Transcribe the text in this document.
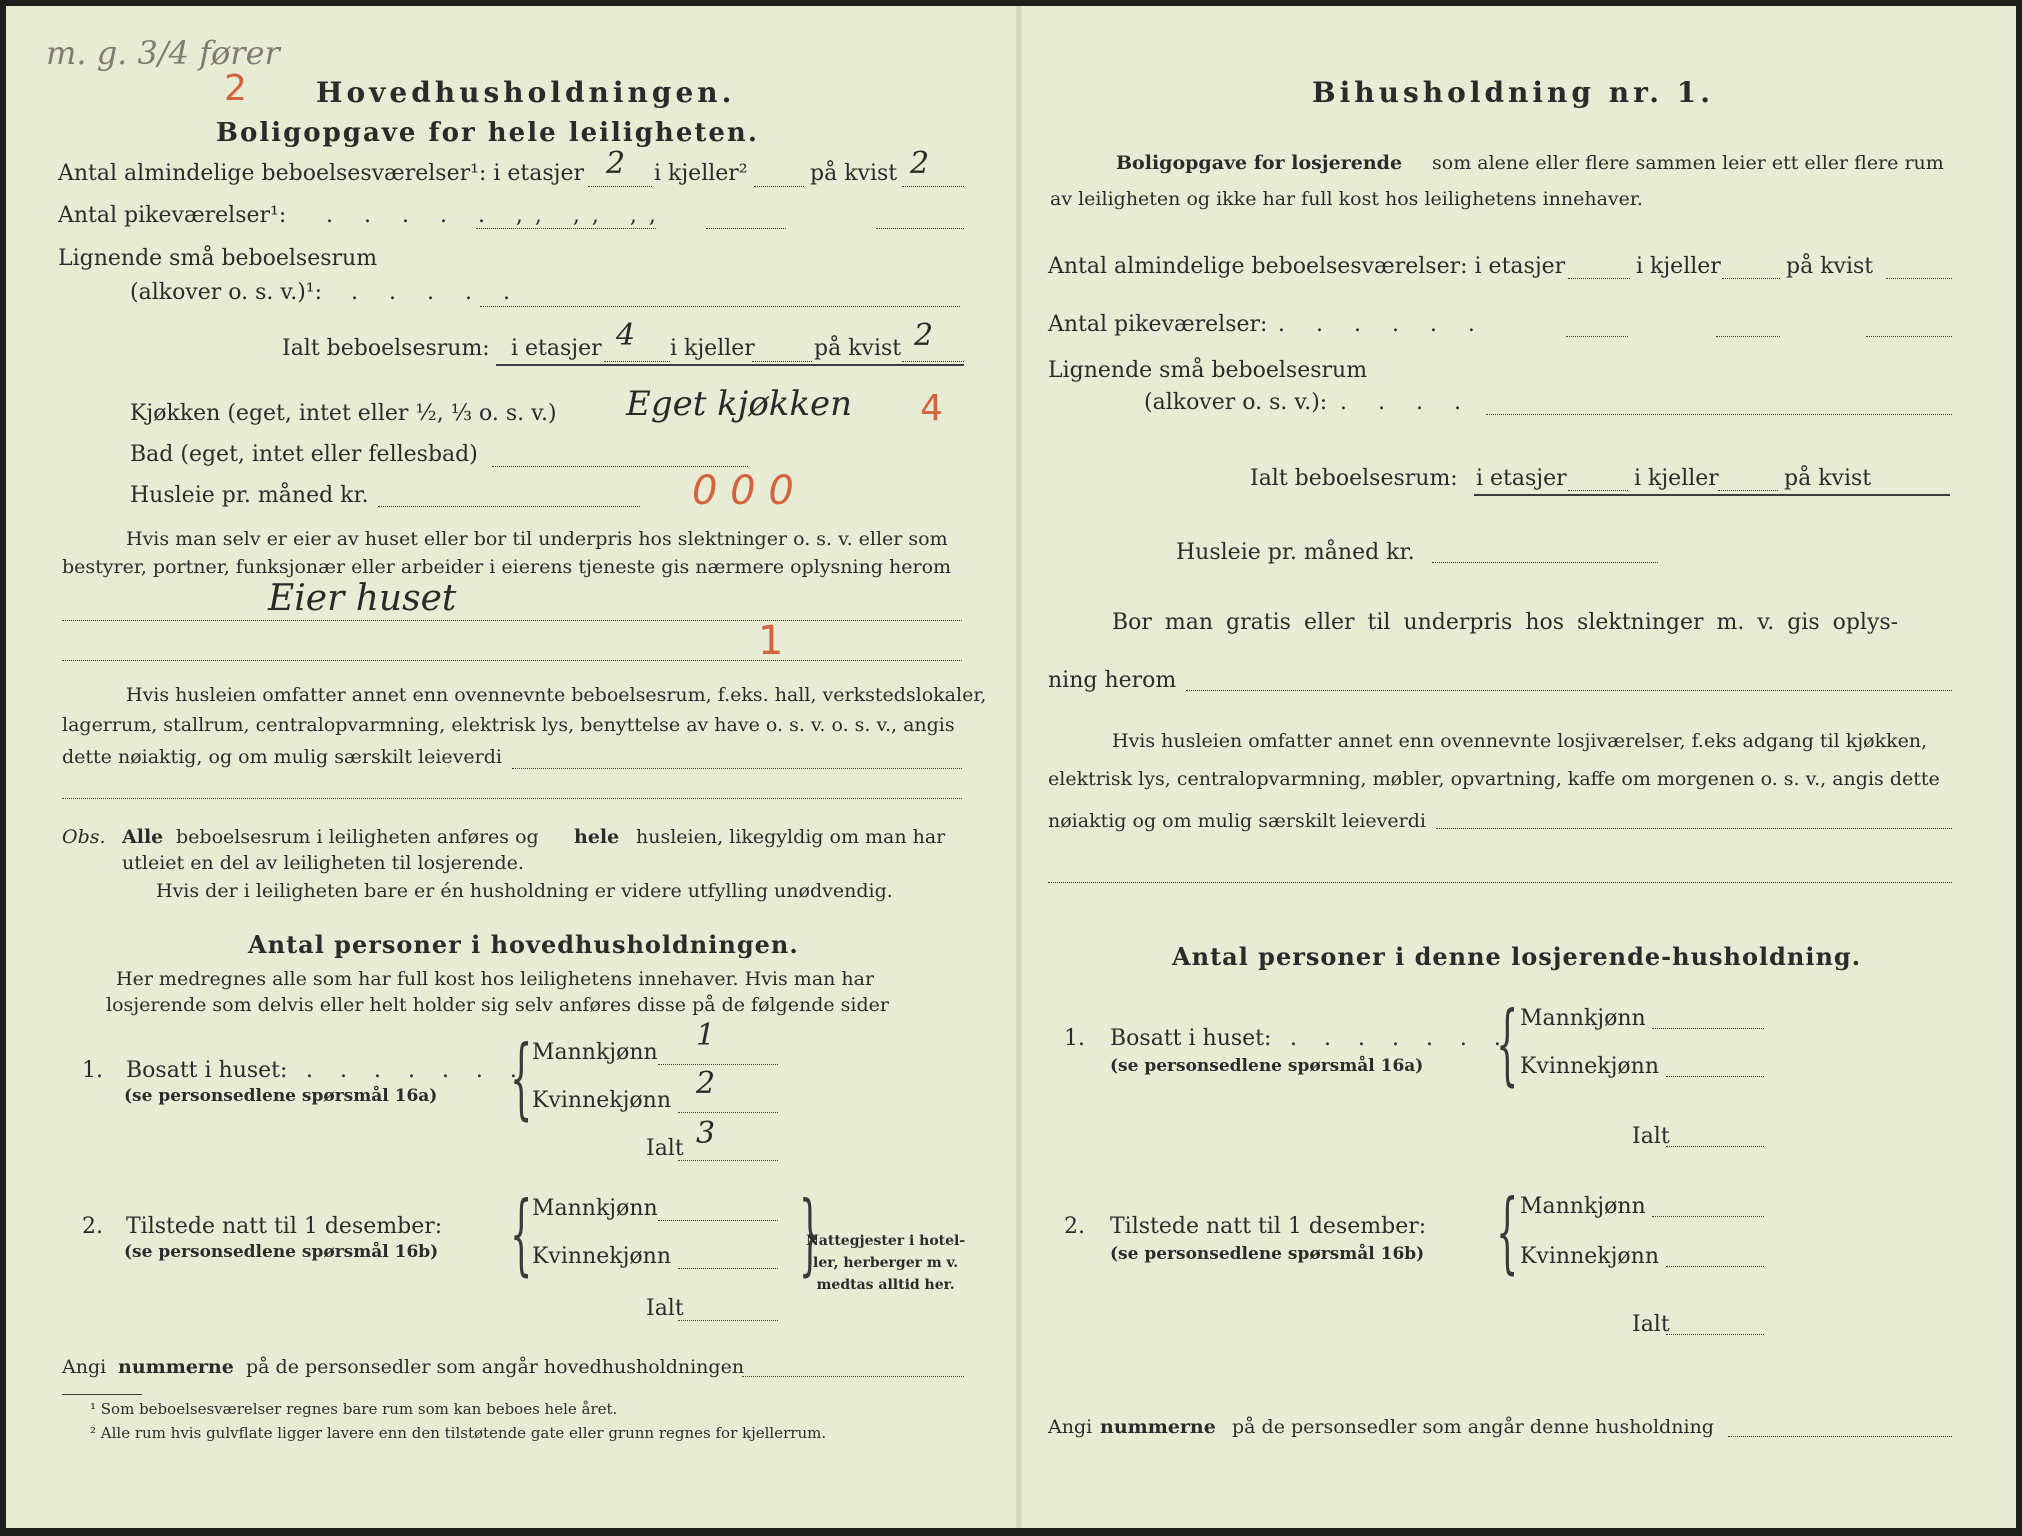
m. g. 3/4 fører
2 Hovedhusholdningen.
Boligopgave for hele leiligheten.
Antal almindelige beboelsesværelser¹: i etasjer 2 i kjeller²	på kvist 2
Antal pikeværelser¹: . . . . . ,, ,, ,,
Lignende små beboelsesrum
(alkover o. s. v.)¹: . . . . .
Ialt beboelsesrum: i etasjer 4 i kjeller	på kvist 2
Kjøkken (eget, intet eller ½, ⅓ o. s. v.) Eget kjøkken 4
Bad (eget, intet eller fellesbad)
Husleie pr. måned kr.	0 0 0
Hvis man selv er eier av huset eller bor til underpris hos slektninger o. s. v. eller som
bestyrer, portner, funksjonær eller arbeider i eierens tjeneste gis nærmere oplysning herom
Eier huset
1
Hvis husleien omfatter annet enn ovennevnte beboelsesrum, f.eks. hall, verkstedslokaler,
lagerrum, stallrum, centralopvarmning, elektrisk lys, benyttelse av have o. s. v. o. s. v., angis
dette nøiaktig, og om mulig særskilt leieverdi
Obs. Alle beboelsesrum i leiligheten anføres og hele husleien, likegyldig om man har
utleiet en del av leiligheten til losjerende.
Hvis der i leiligheten bare er én husholdning er videre utfylling unødvendig.
Antal personer i hovedhusholdningen.
Her medregnes alle som har full kost hos leilighetens innehaver. Hvis man har
losjerende som delvis eller helt holder sig selv anføres disse på de følgende sider
1. Bosatt i huset: . . . . . . .
(se personsedlene spørsmål 16a) { Mannkjønn 1
Kvinnekjønn 2
Ialt 3
2. Tilstede natt til 1 desember:
(se personsedlene spørsmål 16b) { Mannkjønn
Kvinnekjønn
Ialt
{
Nattegjester i hotel-
ler, herberger m v.
medtas alltid her.
Angi nummerne på de personsedler som angår hovedhusholdningen
¹ Som beboelsesværelser regnes bare rum som kan beboes hele året.
² Alle rum hvis gulvflate ligger lavere enn den tilstøtende gate eller grunn regnes for kjellerrum.
Bihusholdning nr. 1.
Boligopgave for losjerende som alene eller flere sammen leier ett eller flere rum
av leiligheten og ikke har full kost hos leilighetens innehaver.
Antal almindelige beboelsesværelser: i etasjer	i kjeller	på kvist
Antal pikeværelser: . . . . . .
Lignende små beboelsesrum
(alkover o. s. v.): . . . .
Ialt beboelsesrum: i etasjer	i kjeller	på kvist
Husleie pr. måned kr.
Bor man gratis eller til underpris hos slektninger m. v. gis oplys-
ning herom
Hvis husleien omfatter annet enn ovennevnte losjiværelser, f.eks adgang til kjøkken,
elektrisk lys, centralopvarmning, møbler, opvartning, kaffe om morgenen o. s. v., angis dette
nøiaktig og om mulig særskilt leieverdi
Antal personer i denne losjerende-husholdning.
1. Bosatt i huset: . . . . . . .
(se personsedlene spørsmål 16a) { Mannkjønn
Kvinnekjønn
Ialt
2. Tilstede natt til 1 desember:
(se personsedlene spørsmål 16b) { Mannkjønn
Kvinnekjønn
Ialt
Angi nummerne på de personsedler som angår denne husholdning
